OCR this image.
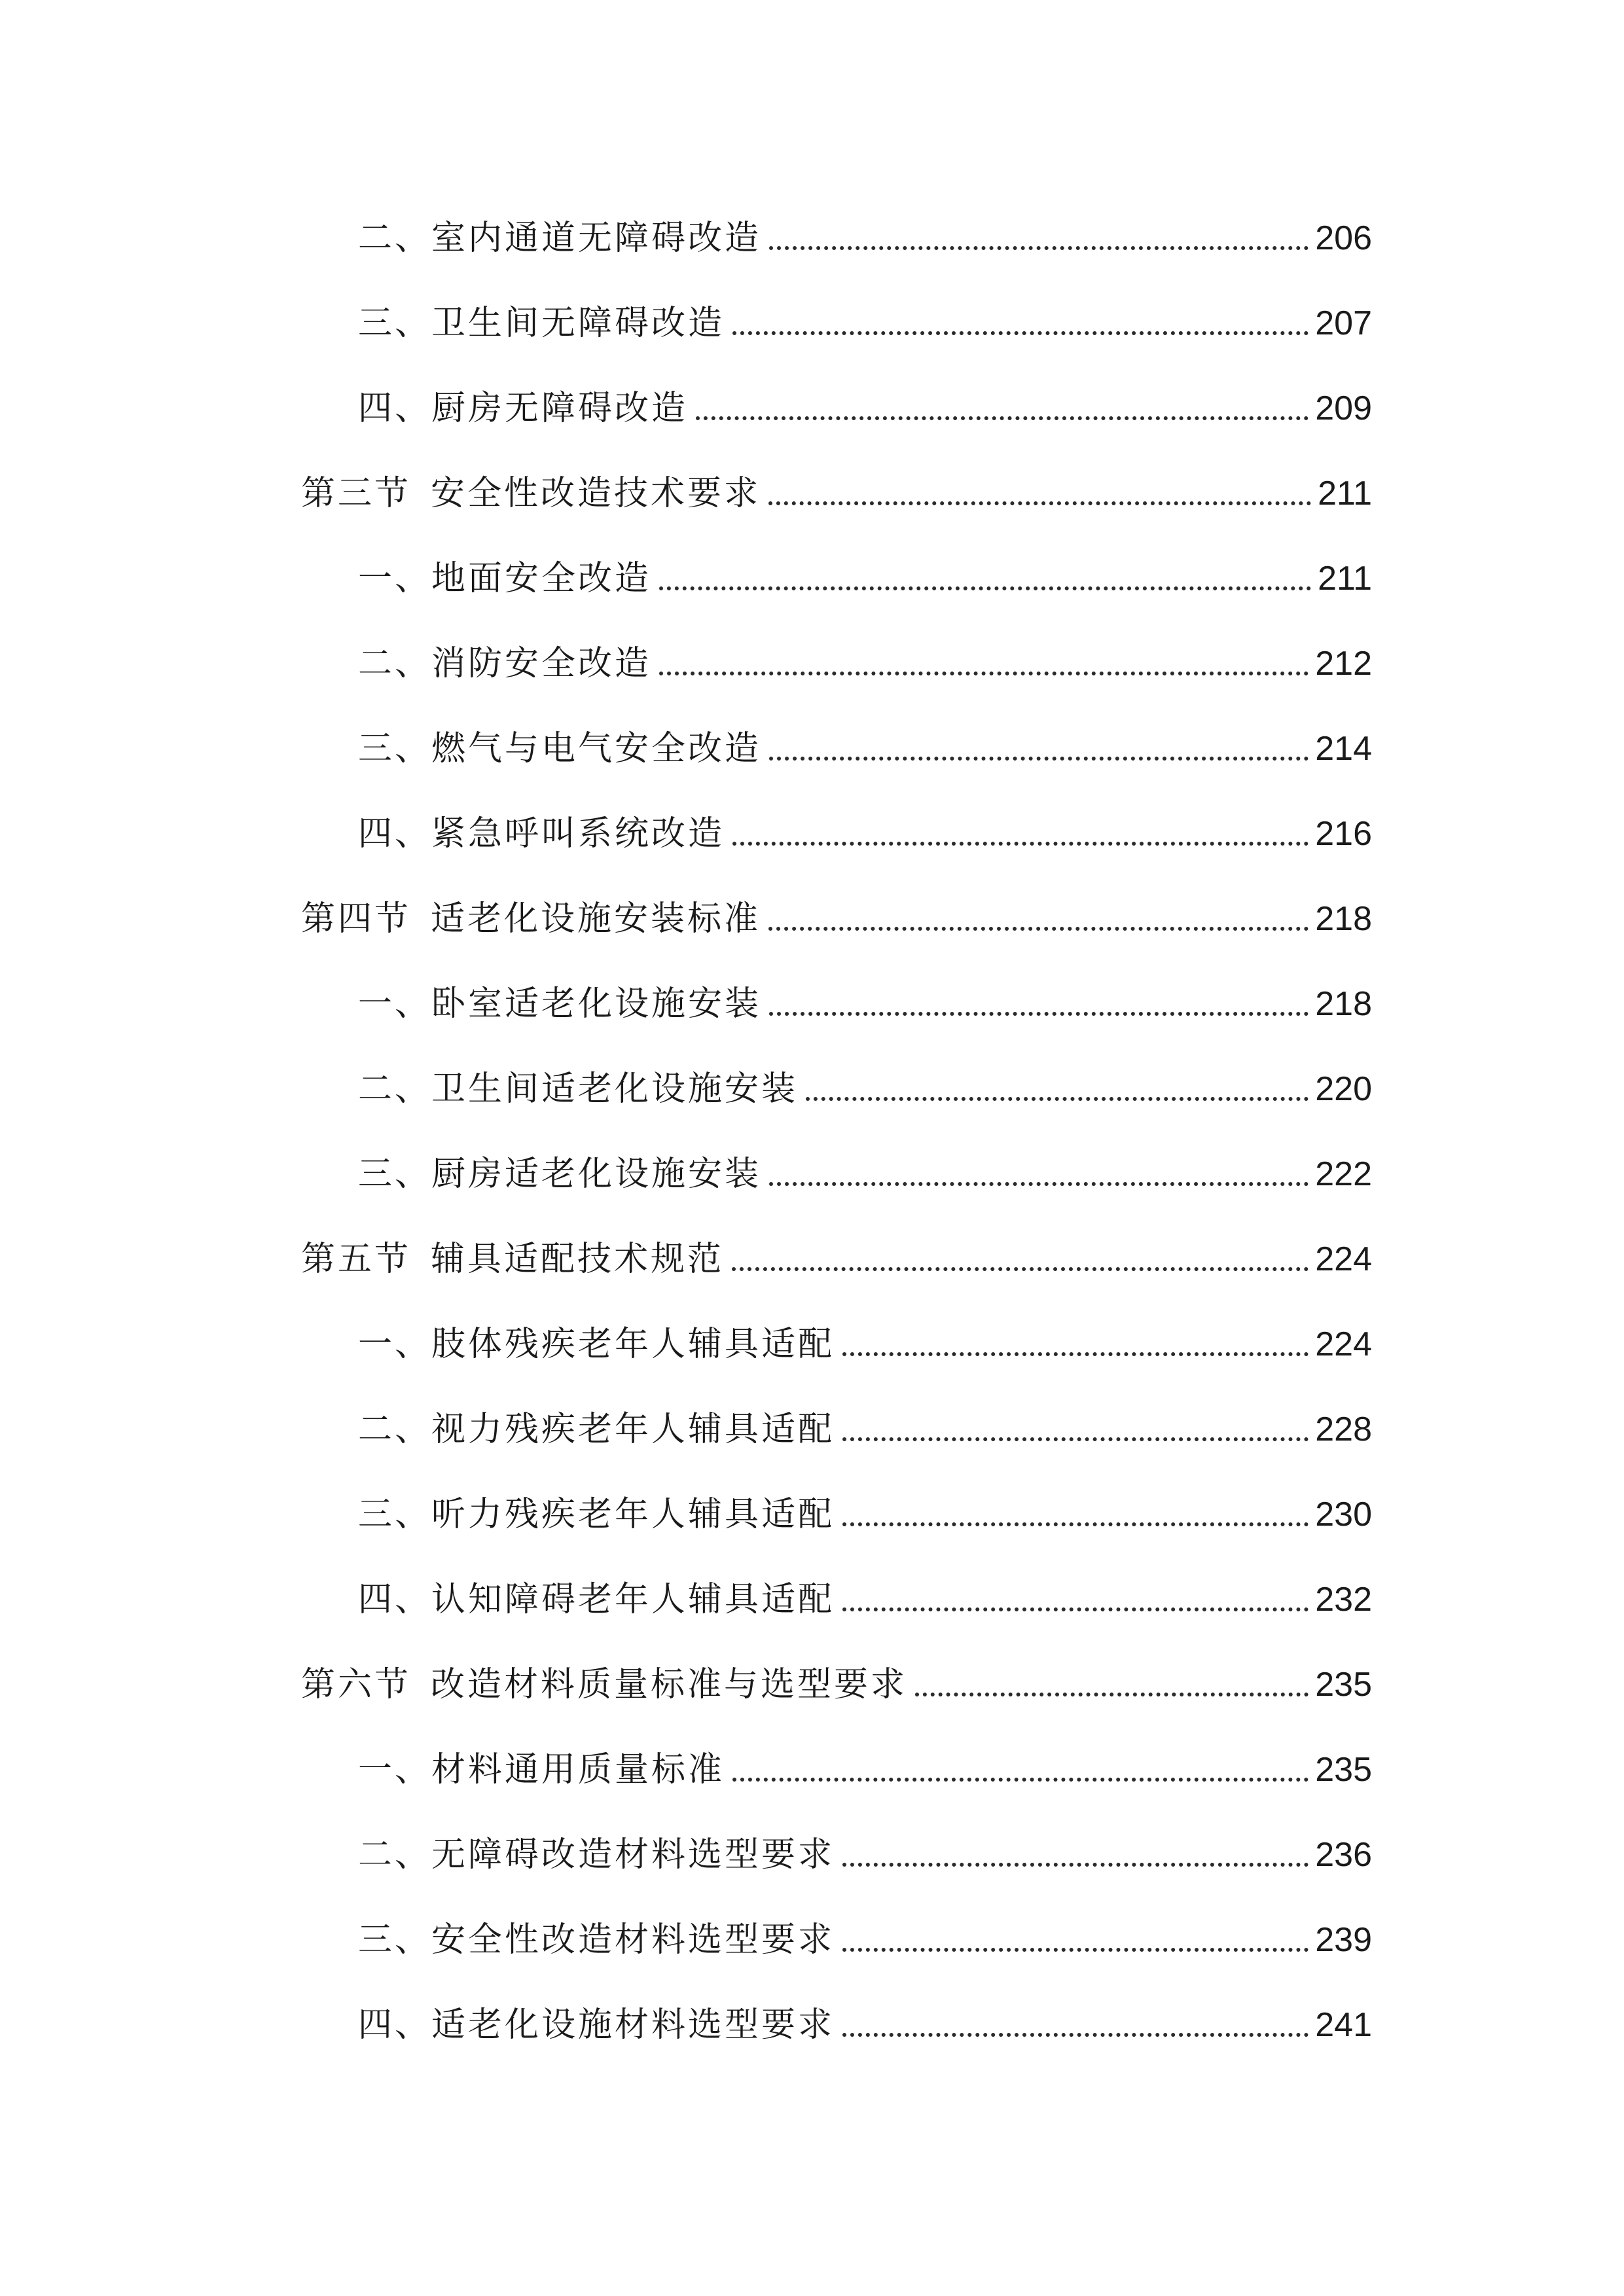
二、 室内通道无障碍改造	206
三、 卫生间无障碍改造	207
四、 厨房无障碍改造	209
第三节 安全性改造技术要求	211
一、 地面安全改造	211
二、 消防安全改造	212
三、 燃气与电气安全改造	214
四、 紧急呼叫系统改造	216
第四节 适老化设施安装标准	218
一、 卧室适老化设施安装	218
二、 卫生间适老化设施安装	220
三、 厨房适老化设施安装	222
第五节 辅具适配技术规范	224
一、 肢体残疾老年人辅具适配	224
二、 视力残疾老年人辅具适配	228
三、 听力残疾老年人辅具适配	230
四、 认知障碍老年人辅具适配	232
第六节 改造材料质量标准与选型要求	235
一、 材料通用质量标准	235
二、 无障碍改造材料选型要求	236
三、 安全性改造材料选型要求	239
四、 适老化设施材料选型要求	241
